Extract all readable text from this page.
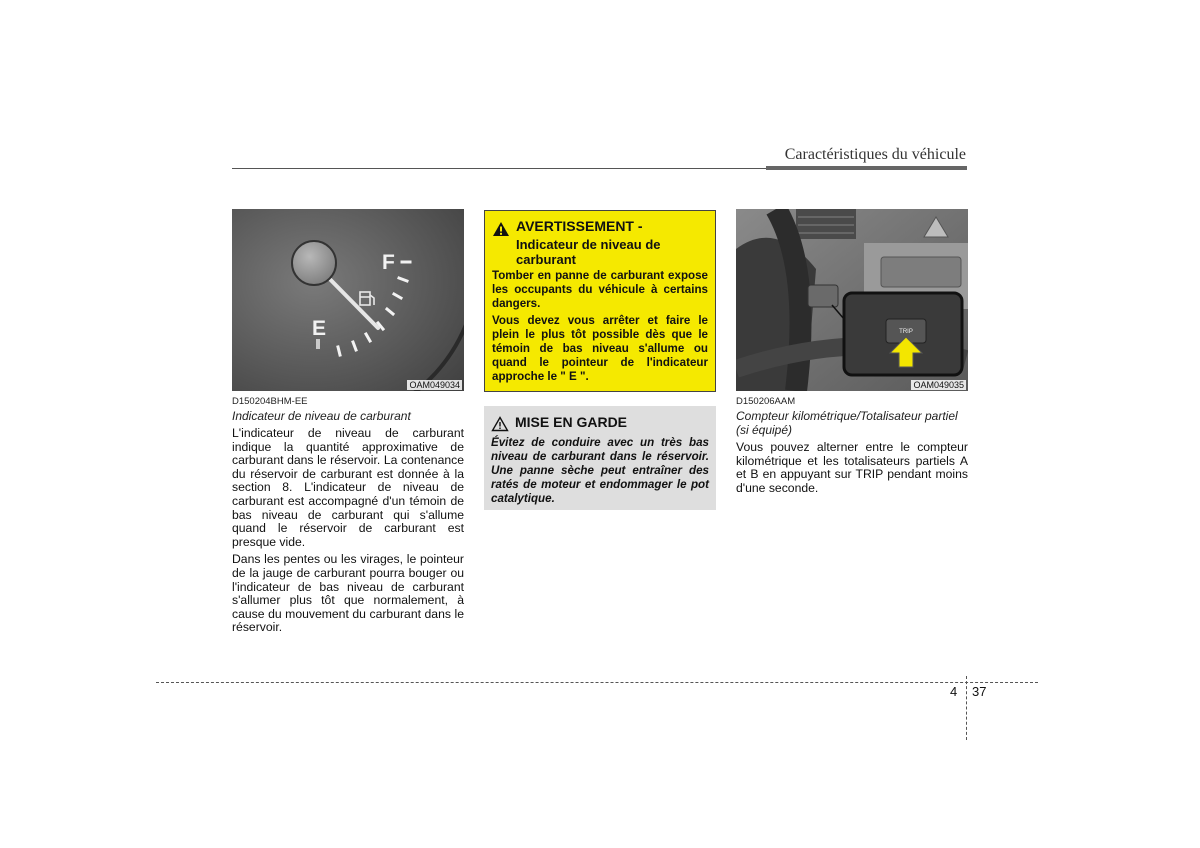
Caractéristiques du véhicule
F
E
OAM049034
D150204BHM-EE
Indicateur de niveau de carburant

L'indicateur de niveau de carburant indique la quantité approximative de carburant dans le réservoir. La contenance du réservoir de carburant est donnée à la section 8. L'indicateur de niveau de carburant est accompagné d'un témoin de bas niveau de carburant qui s'allume quand le réservoir de carburant est presque vide.

Dans les pentes ou les virages, le pointeur de la jauge de carburant pourra bouger ou l'indicateur de bas niveau de carburant s'allumer plus tôt que normalement, à cause du mouvement du carburant dans le réservoir.

AVERTISSEMENT -
Indicateur de niveau de carburant

Tomber en panne de carburant expose les occupants du véhicule à certains dangers.

Vous devez vous arrêter et faire le plein le plus tôt possible dès que le témoin de bas niveau s'allume ou quand le pointeur de l'indicateur approche le " E ".

MISE EN GARDE

Évitez de conduire avec un très bas niveau de carburant dans le réservoir. Une panne sèche peut entraîner des ratés de moteur et endommager le pot catalytique.

TRIP
OAM049035
D150206AAM
Compteur kilométrique/Totalisateur partiel (si équipé)

Vous pouvez alterner entre le compteur kilométrique et les totalisateurs partiels A et B en appuyant sur TRIP pendant moins d'une seconde.

4 37
